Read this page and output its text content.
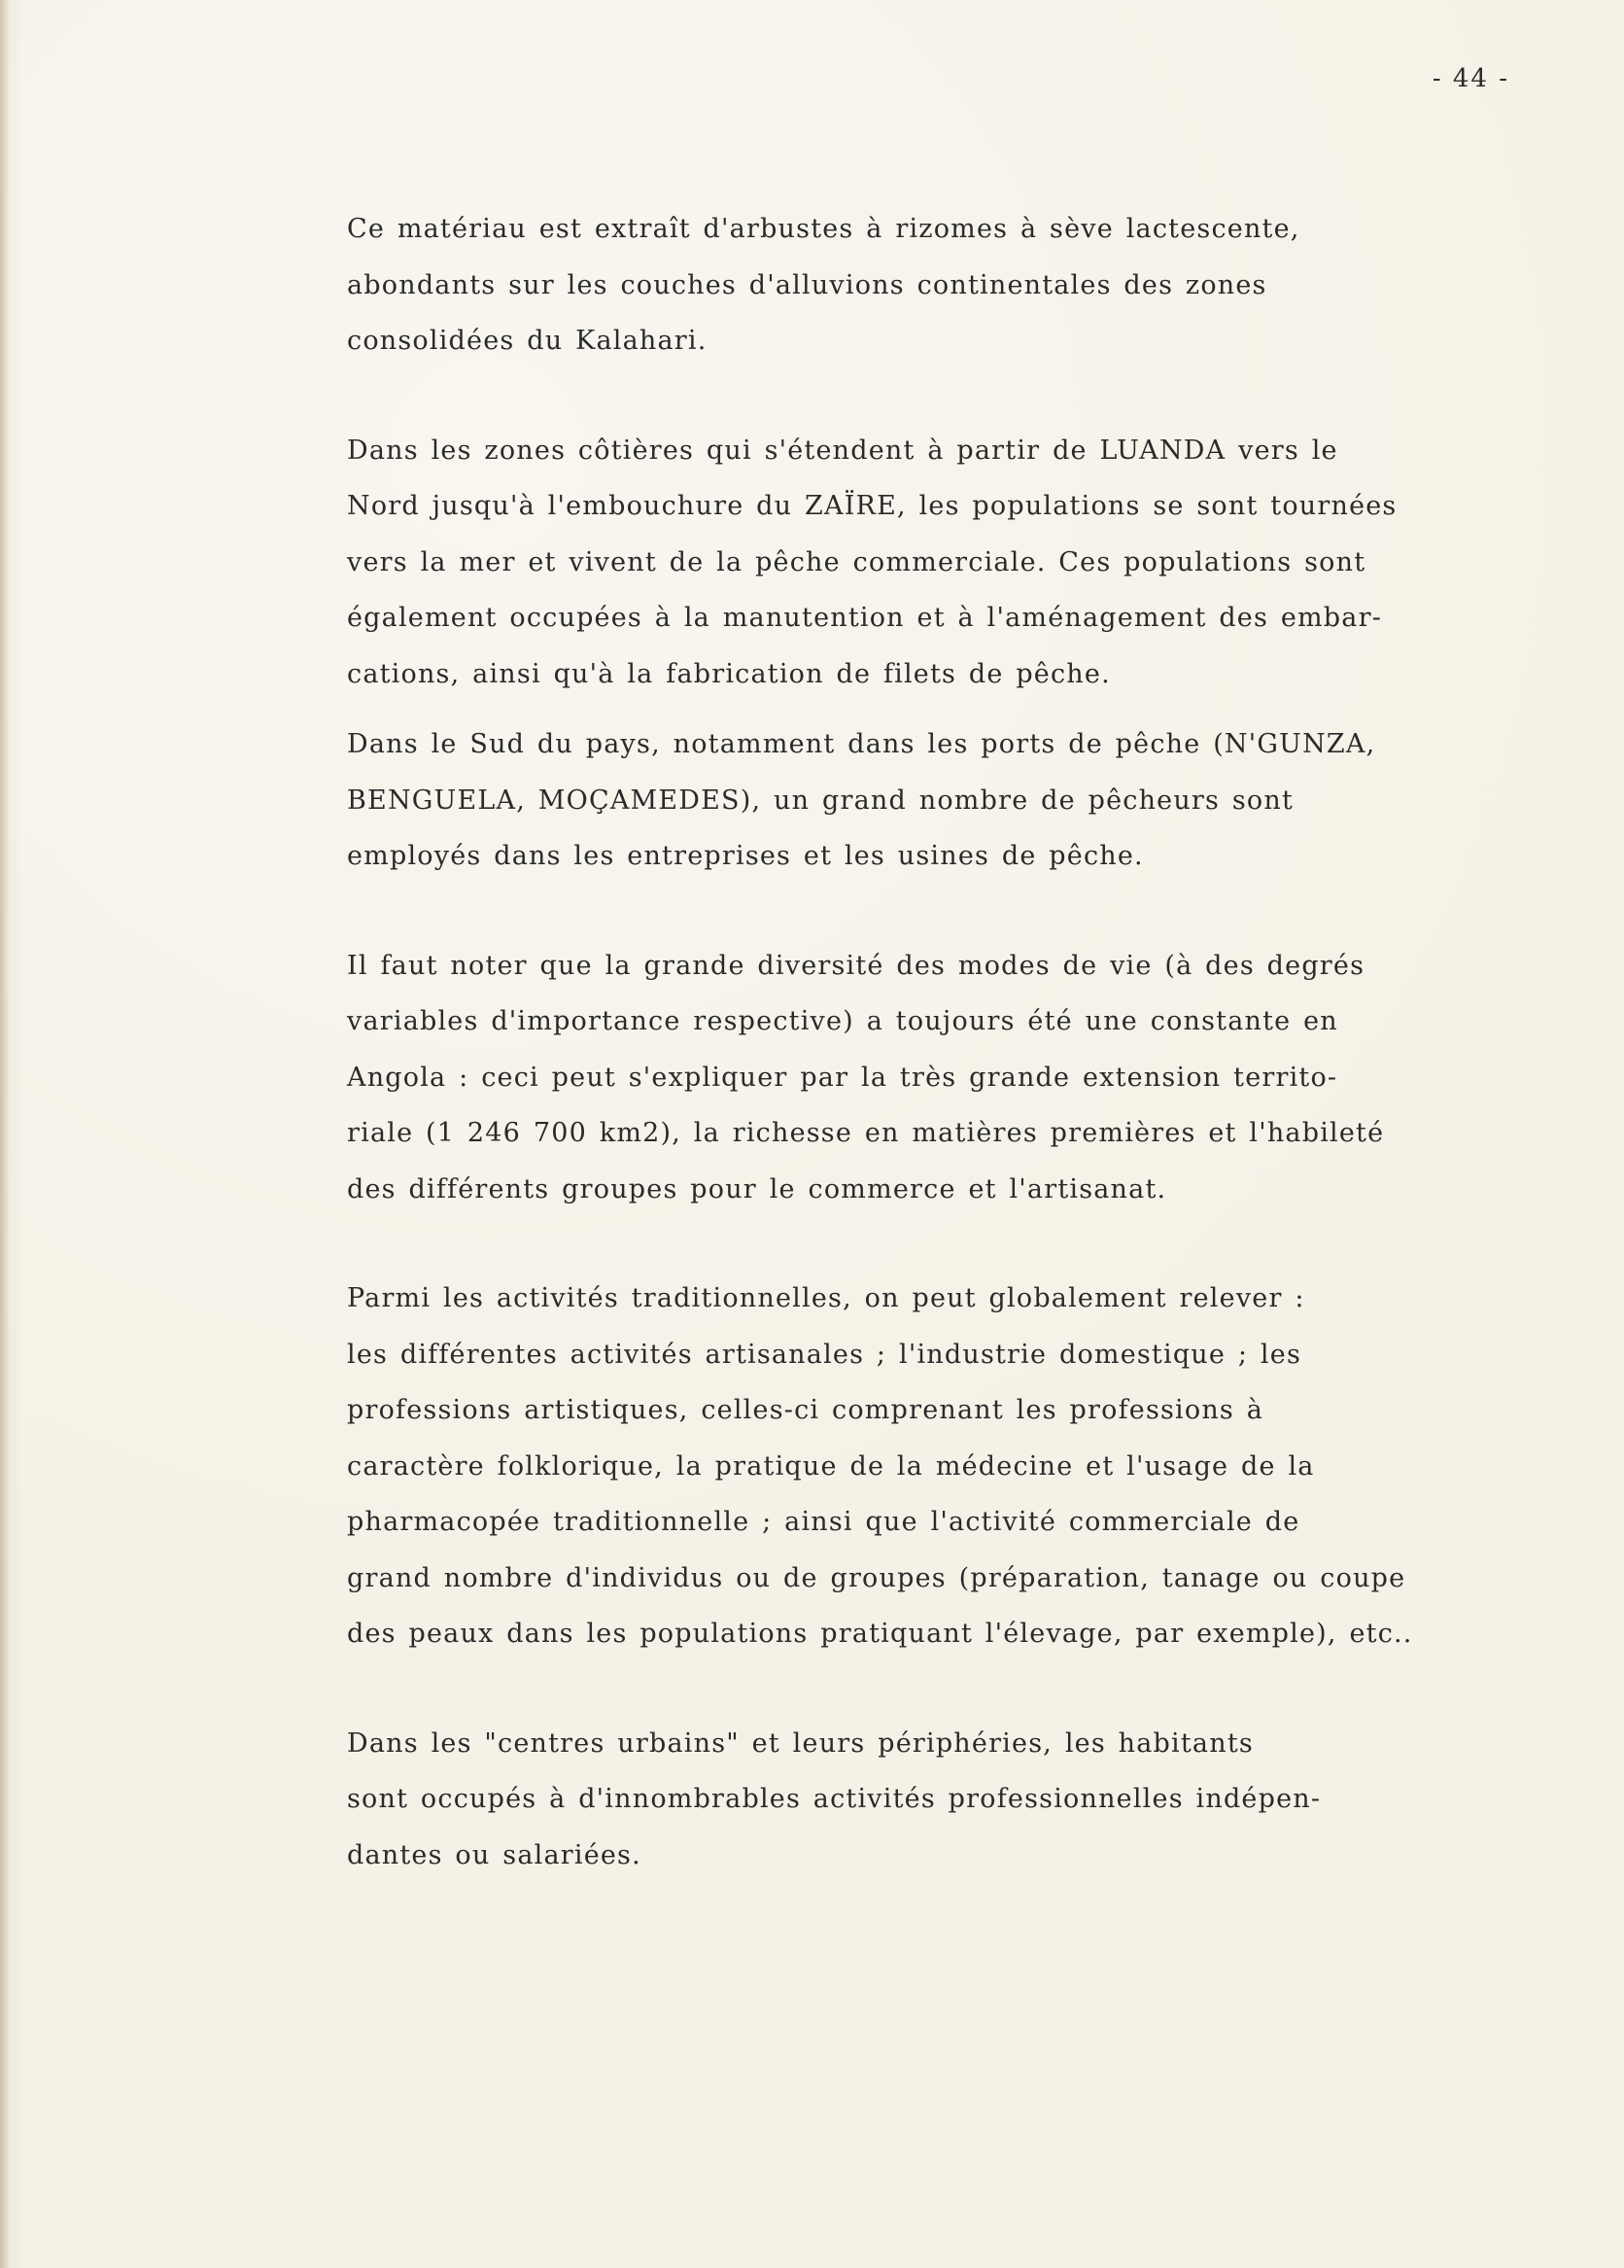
- 44 -

Ce matériau est extraît d'arbustes à rizomes à sève lactescente,
abondants sur les couches d'alluvions continentales des zones
consolidées du Kalahari.

Dans les zones côtières qui s'étendent à partir de LUANDA vers le
Nord jusqu'à l'embouchure du ZAÏRE, les populations se sont tournées
vers la mer et vivent de la pêche commerciale. Ces populations sont
également occupées à la manutention et à l'aménagement des embar-
cations, ainsi qu'à la fabrication de filets de pêche.

Dans le Sud du pays, notamment dans les ports de pêche (N'GUNZA,
BENGUELA, MOÇAMEDES), un grand nombre de pêcheurs sont
employés dans les entreprises et les usines de pêche.

Il faut noter que la grande diversité des modes de vie (à des degrés
variables d'importance respective) a toujours été une constante en
Angola : ceci peut s'expliquer par la très grande extension territo-
riale (1 246 700 km2), la richesse en matières premières et l'habileté
des différents groupes pour le commerce et l'artisanat.

Parmi les activités traditionnelles, on peut globalement relever :
les différentes activités artisanales ; l'industrie domestique ; les
professions artistiques, celles-ci comprenant les professions à
caractère folklorique, la pratique de la médecine et l'usage de la
pharmacopée traditionnelle ; ainsi que l'activité commerciale de
grand nombre d'individus ou de groupes (préparation, tanage ou coupe
des peaux dans les populations pratiquant l'élevage, par exemple), etc..

Dans les "centres urbains" et leurs périphéries, les habitants
sont occupés à d'innombrables activités professionnelles indépen-
dantes ou salariées.
